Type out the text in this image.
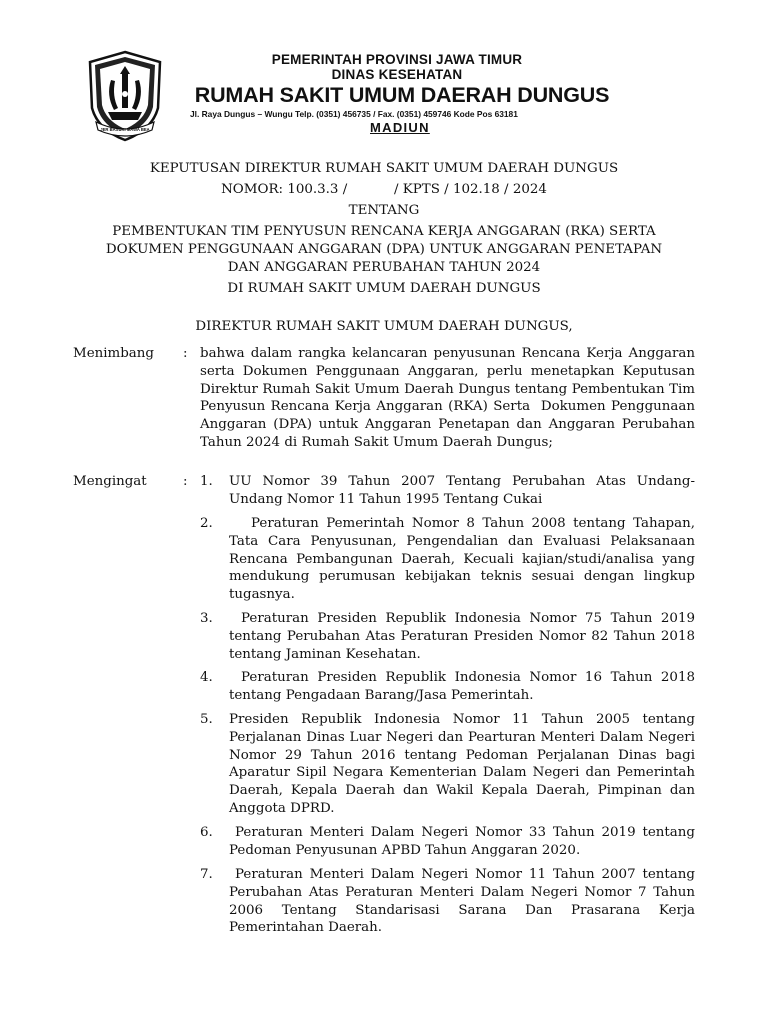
JER BASUKI MAWA BEA
PEMERINTAH PROVINSI JAWA TIMUR
DINAS KESEHATAN
RUMAH SAKIT UMUM DAERAH DUNGUS
Jl. Raya Dungus – Wungu Telp. (0351) 456735 / Fax. (0351) 459746 Kode Pos 63181
MADIUN
KEPUTUSAN DIREKTUR RUMAH SAKIT UMUM DAERAH DUNGUS
NOMOR: 100.3.3 /           / KPTS / 102.18 / 2024
TENTANG
PEMBENTUKAN TIM PENYUSUN RENCANA KERJA ANGGARAN (RKA) SERTA
DOKUMEN PENGGUNAAN ANGGARAN (DPA) UNTUK ANGGARAN PENETAPAN
DAN ANGGARAN PERUBAHAN TAHUN 2024
DI RUMAH SAKIT UMUM DAERAH DUNGUS
DIREKTUR RUMAH SAKIT UMUM DAERAH DUNGUS,
Menimbang : bahwa dalam rangka kelancaran penyusunan Rencana Kerja Anggaran serta Dokumen Penggunaan Anggaran, perlu menetapkan Keputusan Direktur Rumah Sakit Umum Daerah Dungus tentang Pembentukan Tim Penyusun Rencana Kerja Anggaran (RKA) Serta  Dokumen Penggunaan Anggaran (DPA) untuk Anggaran Penetapan dan Anggaran Perubahan Tahun 2024 di Rumah Sakit Umum Daerah Dungus;
Mengingat	: 1. UU Nomor 39 Tahun 2007 Tentang Perubahan Atas Undang-Undang Nomor 11 Tahun 1995 Tentang Cukai
2.	Peraturan Pemerintah Nomor 8 Tahun 2008 tentang Tahapan, Tata Cara Penyusunan, Pengendalian dan Evaluasi Pelaksanaan Rencana Pembangunan Daerah, Kecuali kajian/studi/analisa yang mendukung perumusan kebijakan teknis sesuai dengan lingkup tugasnya.
3.	Peraturan Presiden Republik Indonesia Nomor 75 Tahun 2019 tentang Perubahan Atas Peraturan Presiden Nomor 82 Tahun 2018 tentang Jaminan Kesehatan.
4.	Peraturan Presiden Republik Indonesia Nomor 16 Tahun 2018 tentang Pengadaan Barang/Jasa Pemerintah.
5. Presiden Republik Indonesia Nomor 11 Tahun 2005 tentang Perjalanan Dinas Luar Negeri dan Pearturan Menteri Dalam Negeri Nomor 29 Tahun 2016 tentang Pedoman Perjalanan Dinas bagi Aparatur Sipil Negara Kementerian Dalam Negeri dan Pemerintah Daerah, Kepala Daerah dan Wakil Kepala Daerah, Pimpinan dan Anggota DPRD.
6.	Peraturan Menteri Dalam Negeri Nomor 33 Tahun 2019 tentang Pedoman Penyusunan APBD Tahun Anggaran 2020.
7.	Peraturan Menteri Dalam Negeri Nomor 11 Tahun 2007 tentang Perubahan Atas Peraturan Menteri Dalam Negeri Nomor 7 Tahun 2006 Tentang Standarisasi Sarana Dan Prasarana Kerja Pemerintahan Daerah.
